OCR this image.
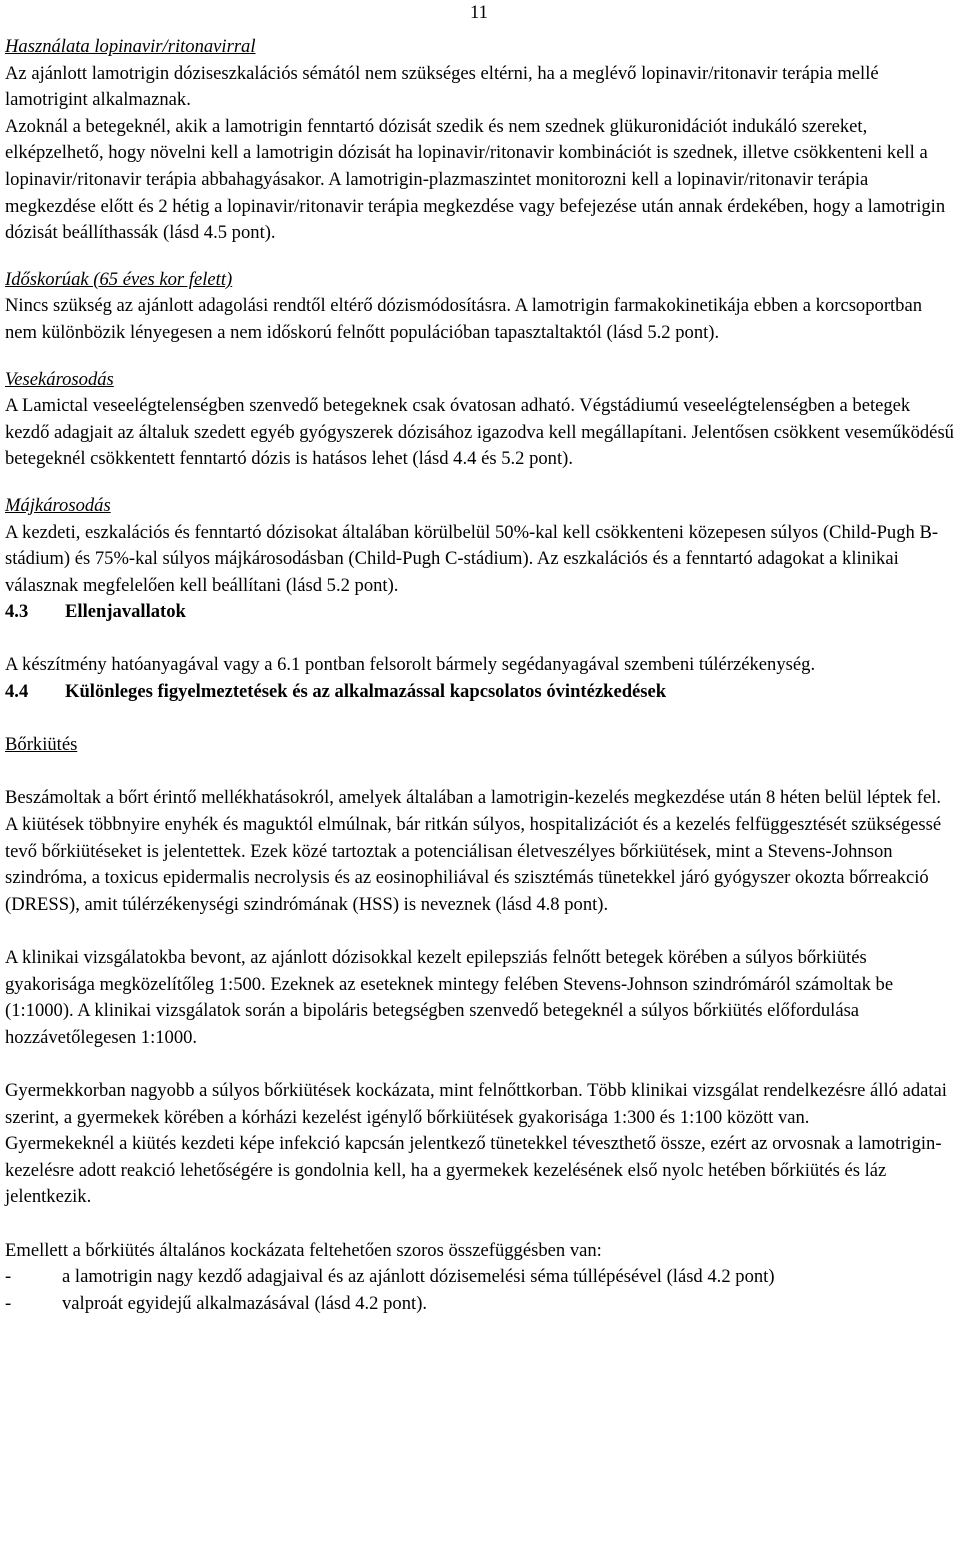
11

Használata lopinavir/ritonavirral

Az ajánlott lamotrigin dóziseszkalációs sémától nem szükséges eltérni, ha a meglévő lopinavir/ritonavir terápia mellé lamotrigint alkalmaznak.

Azoknál a betegeknél, akik a lamotrigin fenntartó dózisát szedik és nem szednek glükuronidációt indukáló szereket, elképzelhető, hogy növelni kell a lamotrigin dózisát ha lopinavir/ritonavir kombinációt is szednek, illetve csökkenteni kell a lopinavir/ritonavir terápia abbahagyásakor. A lamotrigin-plazmaszintet monitorozni kell a lopinavir/ritonavir terápia megkezdése előtt és 2 hétig a lopinavir/ritonavir terápia megkezdése vagy befejezése után annak érdekében, hogy a lamotrigin dózisát beállíthassák (lásd 4.5 pont).

Időskorúak (65 éves kor felett)

Nincs szükség az ajánlott adagolási rendtől eltérő dózismódosításra. A lamotrigin farmakokinetikája ebben a korcsoportban nem különbözik lényegesen a nem időskorú felnőtt populációban tapasztaltaktól (lásd 5.2 pont).

Vesekárosodás

A Lamictal veseelégtelenségben szenvedő betegeknek csak óvatosan adható. Végstádiumú veseelégtelenségben a betegek kezdő adagjait az általuk szedett egyéb gyógyszerek dózisához igazodva kell megállapítani. Jelentősen csökkent veseműködésű betegeknél csökkentett fenntartó dózis is hatásos lehet (lásd 4.4 és 5.2 pont).

Májkárosodás

A kezdeti, eszkalációs és fenntartó dózisokat általában körülbelül 50%-kal kell csökkenteni közepesen súlyos (Child-Pugh B-stádium) és 75%-kal súlyos májkárosodásban (Child-Pugh C-stádium). Az eszkalációs és a fenntartó adagokat a klinikai válasznak megfelelően kell beállítani (lásd 5.2 pont).

4.3 Ellenjavallatok

A készítmény hatóanyagával vagy a 6.1 pontban felsorolt bármely segédanyagával szembeni túlérzékenység.

4.4 Különleges figyelmeztetések és az alkalmazással kapcsolatos óvintézkedések

Bőrkiütés

Beszámoltak a bőrt érintő mellékhatásokról, amelyek általában a lamotrigin-kezelés megkezdése után 8 héten belül léptek fel. A kiütések többnyire enyhék és maguktól elmúlnak, bár ritkán súlyos, hospitalizációt és a kezelés felfüggesztését szükségessé tevő bőrkiütéseket is jelentettek. Ezek közé tartoztak a potenciálisan életveszélyes bőrkiütések, mint a Stevens-Johnson szindróma, a toxicus epidermalis necrolysis és az eosinophiliával és szisztémás tünetekkel járó gyógyszer okozta bőrreakció (DRESS), amit túlérzékenységi szindrómának (HSS) is neveznek (lásd 4.8 pont).

A klinikai vizsgálatokba bevont, az ajánlott dózisokkal kezelt epilepsziás felnőtt betegek körében a súlyos bőrkiütés gyakorisága megközelítőleg 1:500. Ezeknek az eseteknek mintegy felében Stevens-Johnson szindrómáról számoltak be (1:1000). A klinikai vizsgálatok során a bipoláris betegségben szenvedő betegeknél a súlyos bőrkiütés előfordulása hozzávetőlegesen 1:1000.

Gyermekkorban nagyobb a súlyos bőrkiütések kockázata, mint felnőttkorban. Több klinikai vizsgálat rendelkezésre álló adatai szerint, a gyermekek körében a kórházi kezelést igénylő bőrkiütések gyakorisága 1:300 és 1:100 között van.

Gyermekeknél a kiütés kezdeti képe infekció kapcsán jelentkező tünetekkel téveszthető össze, ezért az orvosnak a lamotrigin-kezelésre adott reakció lehetőségére is gondolnia kell, ha a gyermekek kezelésének első nyolc hetében bőrkiütés és láz jelentkezik.

Emellett a bőrkiütés általános kockázata feltehetően szoros összefüggésben van:

-	a lamotrigin nagy kezdő adagjaival és az ajánlott dózisemelési séma túllépésével (lásd 4.2 pont)
-	valproát egyidejű alkalmazásával (lásd 4.2 pont).
